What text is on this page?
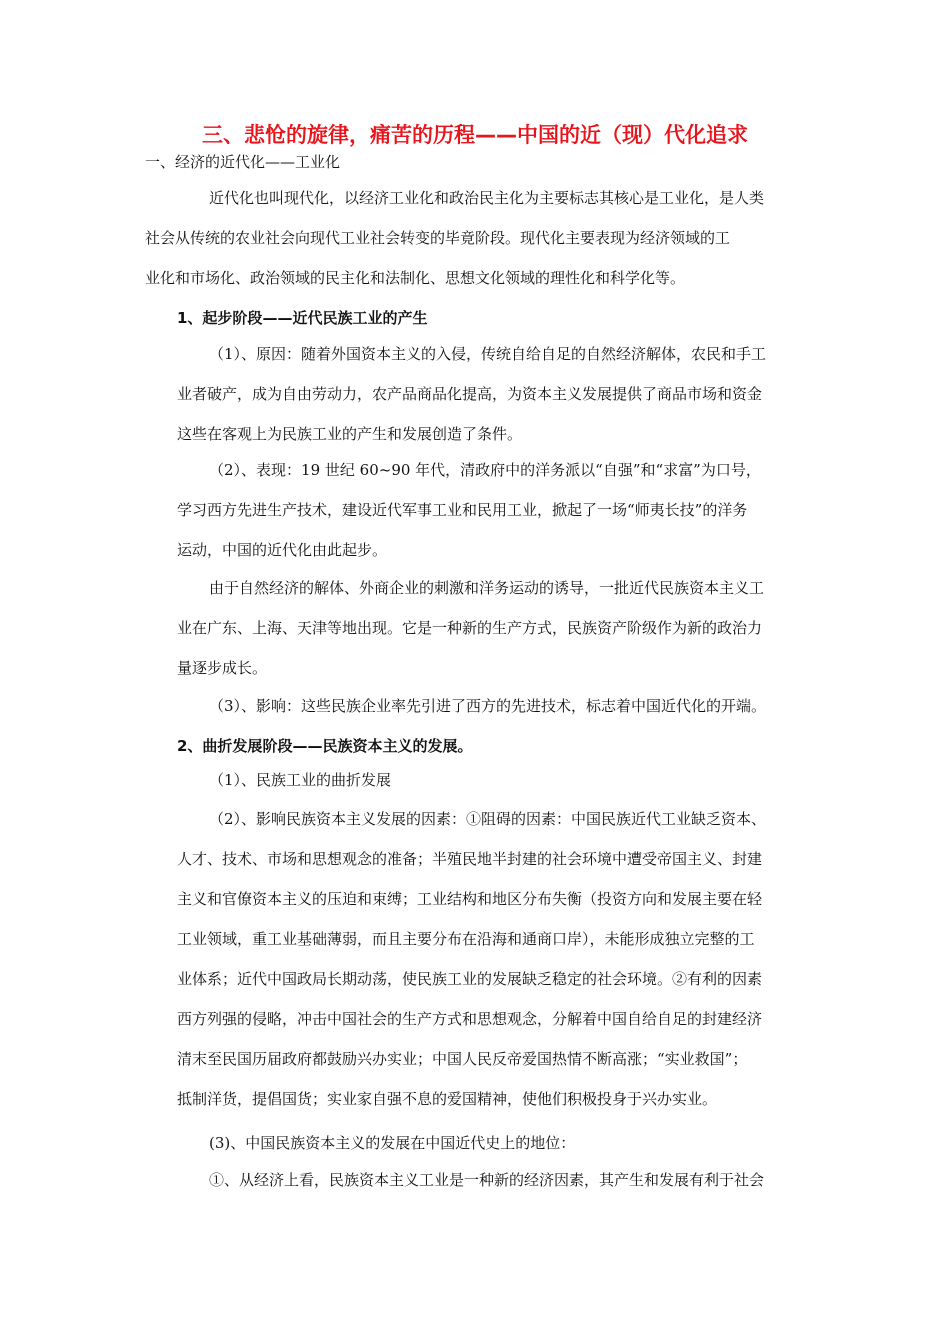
三、悲怆的旋律，痛苦的历程——中国的近（现）代化追求
一、经济的近代化——工业化
近代化也叫现代化，以经济工业化和政治民主化为主要标志其核心是工业化，是人类
社会从传统的农业社会向现代工业社会转变的毕竟阶段。现代化主要表现为经济领域的工
业化和市场化、政治领域的民主化和法制化、思想文化领域的理性化和科学化等。
1、起步阶段——近代民族工业的产生
（1）、原因：随着外国资本主义的入侵，传统自给自足的自然经济解体，农民和手工
业者破产，成为自由劳动力，农产品商品化提高，为资本主义发展提供了商品市场和资金
这些在客观上为民族工业的产生和发展创造了条件。
（2）、表现：19 世纪 60~90 年代，清政府中的洋务派以“自强”和“求富”为口号，
学习西方先进生产技术，建设近代军事工业和民用工业，掀起了一场“师夷长技”的洋务
运动，中国的近代化由此起步。
由于自然经济的解体、外商企业的刺激和洋务运动的诱导，一批近代民族资本主义工
业在广东、上海、天津等地出现。它是一种新的生产方式，民族资产阶级作为新的政治力
量逐步成长。
（3）、影响：这些民族企业率先引进了西方的先进技术，标志着中国近代化的开端。
2、曲折发展阶段——民族资本主义的发展。
（1）、民族工业的曲折发展
（2）、影响民族资本主义发展的因素：①阻碍的因素：中国民族近代工业缺乏资本、
人才、技术、市场和思想观念的准备；半殖民地半封建的社会环境中遭受帝国主义、封建
主义和官僚资本主义的压迫和束缚；工业结构和地区分布失衡（投资方向和发展主要在轻
工业领域，重工业基础薄弱，而且主要分布在沿海和通商口岸），未能形成独立完整的工
业体系；近代中国政局长期动荡，使民族工业的发展缺乏稳定的社会环境。②有利的因素
西方列强的侵略，冲击中国社会的生产方式和思想观念，分解着中国自给自足的封建经济
清末至民国历届政府都鼓励兴办实业；中国人民反帝爱国热情不断高涨；“实业救国”；
抵制洋货，提倡国货；实业家自强不息的爱国精神，使他们积极投身于兴办实业。
(3)、中国民族资本主义的发展在中国近代史上的地位：
①、从经济上看，民族资本主义工业是一种新的经济因素，其产生和发展有利于社会
